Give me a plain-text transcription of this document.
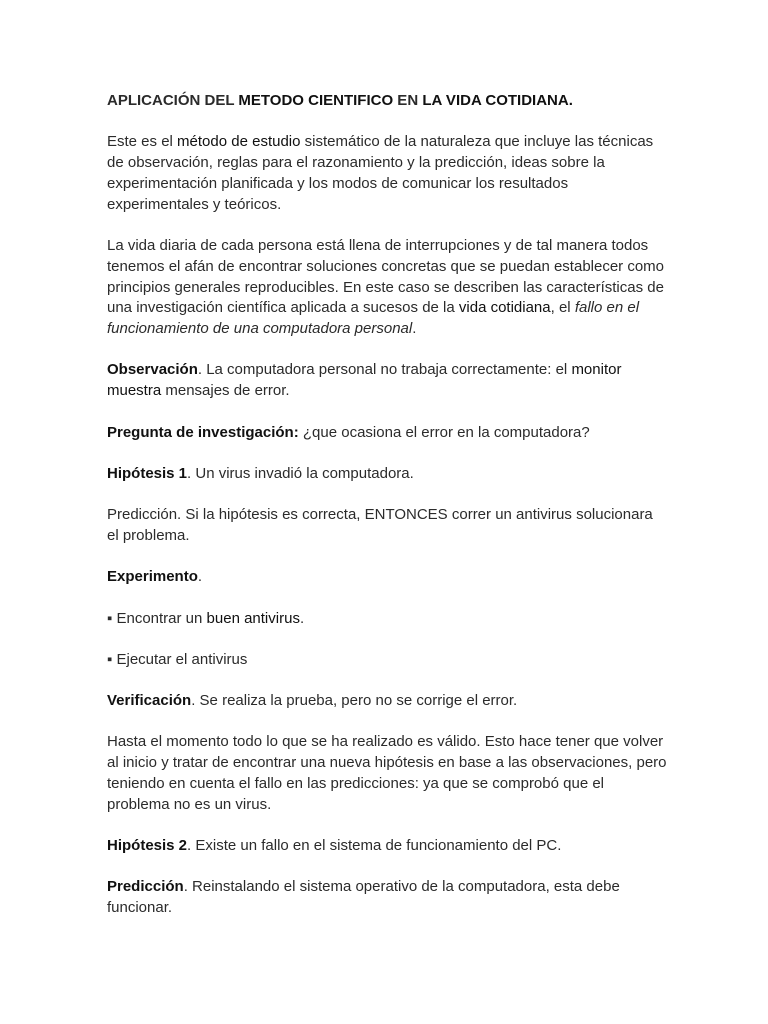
APLICACIÓN DEL METODO CIENTIFICO EN LA VIDA COTIDIANA.

Este es el método de estudio sistemático de la naturaleza que incluye las técnicas de observación, reglas para el razonamiento y la predicción, ideas sobre la experimentación planificada y los modos de comunicar los resultados experimentales y teóricos.

La vida diaria de cada persona está llena de interrupciones y de tal manera todos tenemos el afán de encontrar soluciones concretas que se puedan establecer como principios generales reproducibles. En este caso se describen las características de una investigación científica aplicada a sucesos de la vida cotidiana, el fallo en el funcionamiento de una computadora personal.

Observación. La computadora personal no trabaja correctamente: el monitor muestra mensajes de error.

Pregunta de investigación: ¿que ocasiona el error en la computadora?

Hipótesis 1. Un virus invadió la computadora.

Predicción. Si la hipótesis es correcta, ENTONCES correr un antivirus solucionara el problema.

Experimento.

▪ Encontrar un buen antivirus.

▪ Ejecutar el antivirus

Verificación. Se realiza la prueba, pero no se corrige el error.

Hasta el momento todo lo que se ha realizado es válido. Esto hace tener que volver al inicio y tratar de encontrar una nueva hipótesis en base a las observaciones, pero teniendo en cuenta el fallo en las predicciones: ya que se comprobó que el problema no es un virus.

Hipótesis 2. Existe un fallo en el sistema de funcionamiento del PC.

Predicción. Reinstalando el sistema operativo de la computadora, esta debe funcionar.
